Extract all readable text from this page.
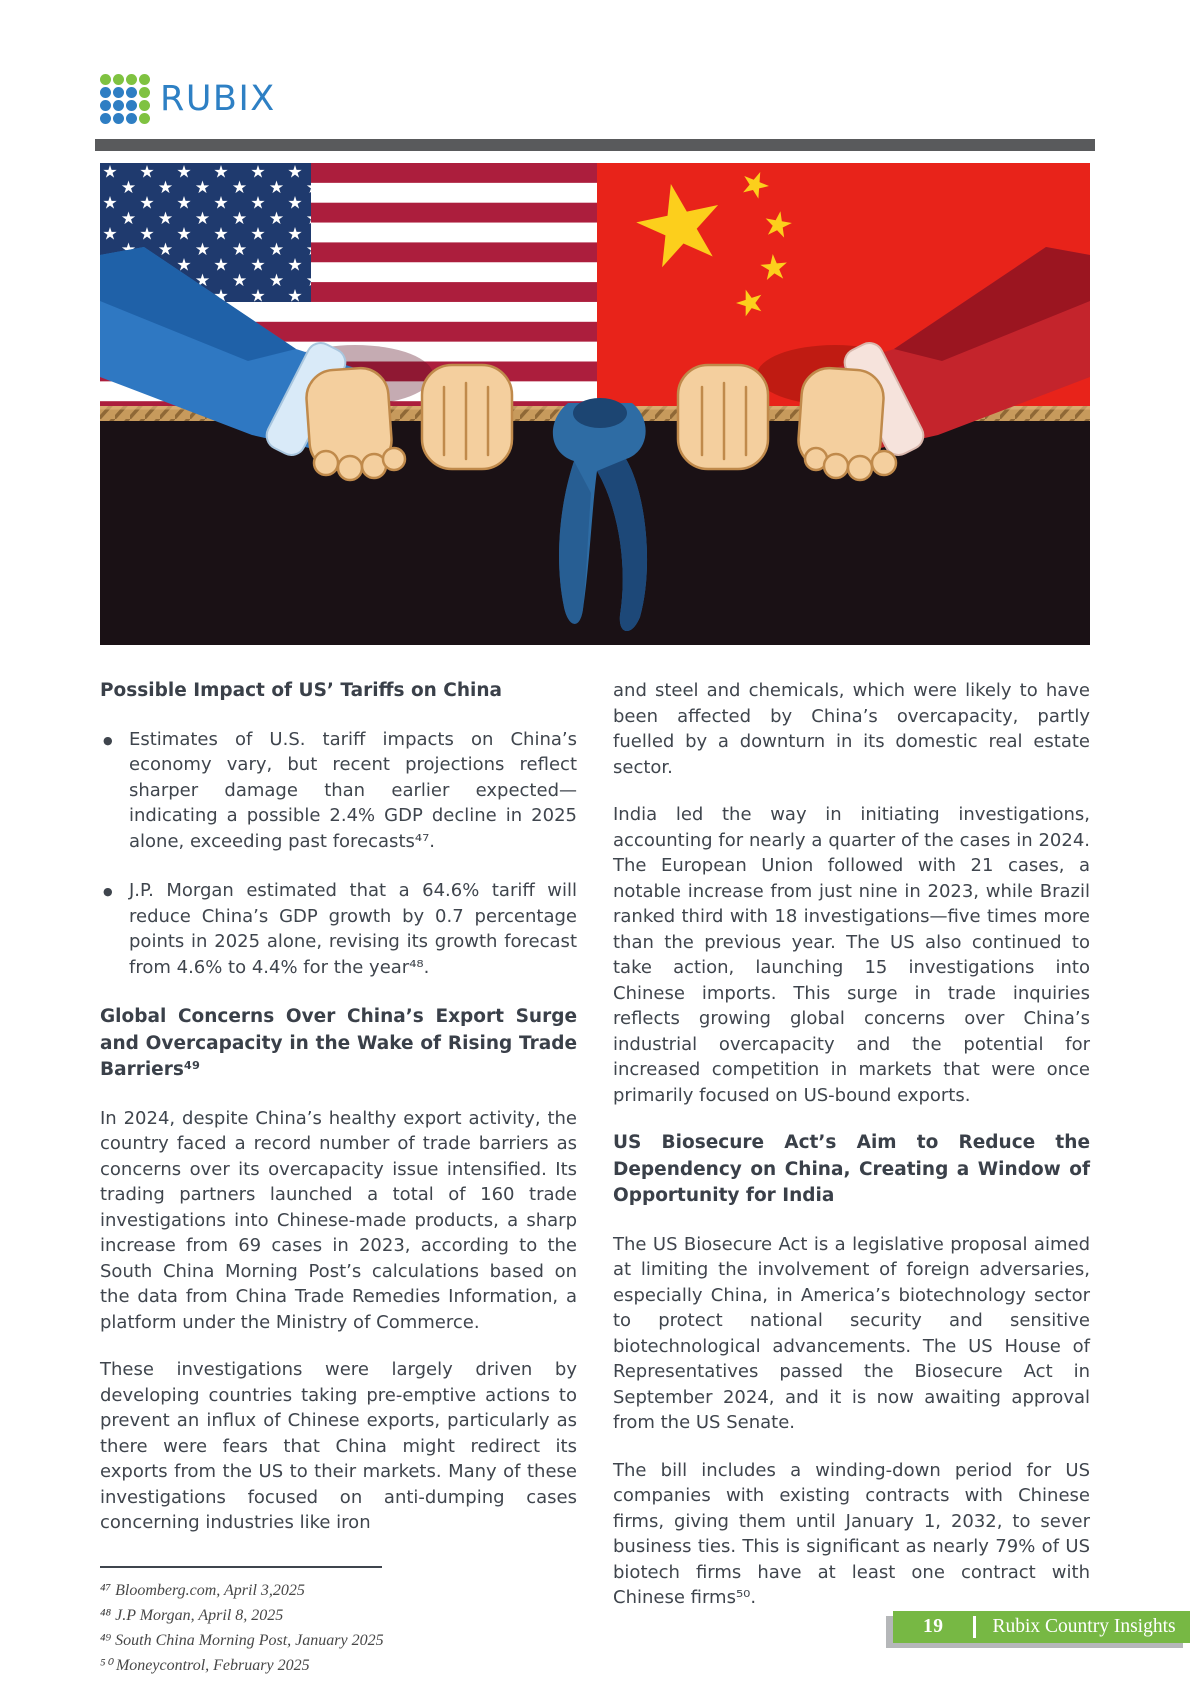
RUBIX
Possible Impact of US’ Tariffs on China
● Estimates of U.S. tariff impacts on China’s economy vary, but recent projections reflect sharper damage than earlier expected—indicating a possible 2.4% GDP decline in 2025 alone, exceeding past forecasts⁴⁷.
● J.P. Morgan estimated that a 64.6% tariff will reduce China’s GDP growth by 0.7 percentage points in 2025 alone, revising its growth forecast from 4.6% to 4.4% for the year⁴⁸.
Global Concerns Over China’s Export Surge and Overcapacity in the Wake of Rising Trade Barriers⁴⁹

In 2024, despite China’s healthy export activity, the country faced a record number of trade barriers as concerns over its overcapacity issue intensified. Its trading partners launched a total of 160 trade investigations into Chinese-made products, a sharp increase from 69 cases in 2023, according to the South China Morning Post’s calculations based on the data from China Trade Remedies Information, a platform under the Ministry of Commerce.

These investigations were largely driven by developing countries taking pre-emptive actions to prevent an influx of Chinese exports, particularly as there were fears that China might redirect its exports from the US to their markets. Many of these investigations focused on anti-dumping cases concerning industries like iron

⁴⁷ Bloomberg.com, April 3,2025
⁴⁸ J.P Morgan, April 8, 2025
⁴⁹ South China Morning Post, January 2025
⁵⁰ Moneycontrol, February 2025

and steel and chemicals, which were likely to have been affected by China’s overcapacity, partly fuelled by a downturn in its domestic real estate sector.

India led the way in initiating investigations, accounting for nearly a quarter of the cases in 2024. The European Union followed with 21 cases, a notable increase from just nine in 2023, while Brazil ranked third with 18 investigations—five times more than the previous year. The US also continued to take action, launching 15 investigations into Chinese imports. This surge in trade inquiries reflects growing global concerns over China’s industrial overcapacity and the potential for increased competition in markets that were once primarily focused on US-bound exports.

US Biosecure Act’s Aim to Reduce the Dependency on China, Creating a Window of Opportunity for India

The US Biosecure Act is a legislative proposal aimed at limiting the involvement of foreign adversaries, especially China, in America’s biotechnology sector to protect national security and sensitive biotechnological advancements. The US House of Representatives passed the Biosecure Act in September 2024, and it is now awaiting approval from the US Senate.

The bill includes a winding-down period for US companies with existing contracts with Chinese firms, giving them until January 1, 2032, to sever business ties. This is significant as nearly 79% of US biotech firms have at least one contract with Chinese firms⁵⁰.

19	Rubix Country Insights
